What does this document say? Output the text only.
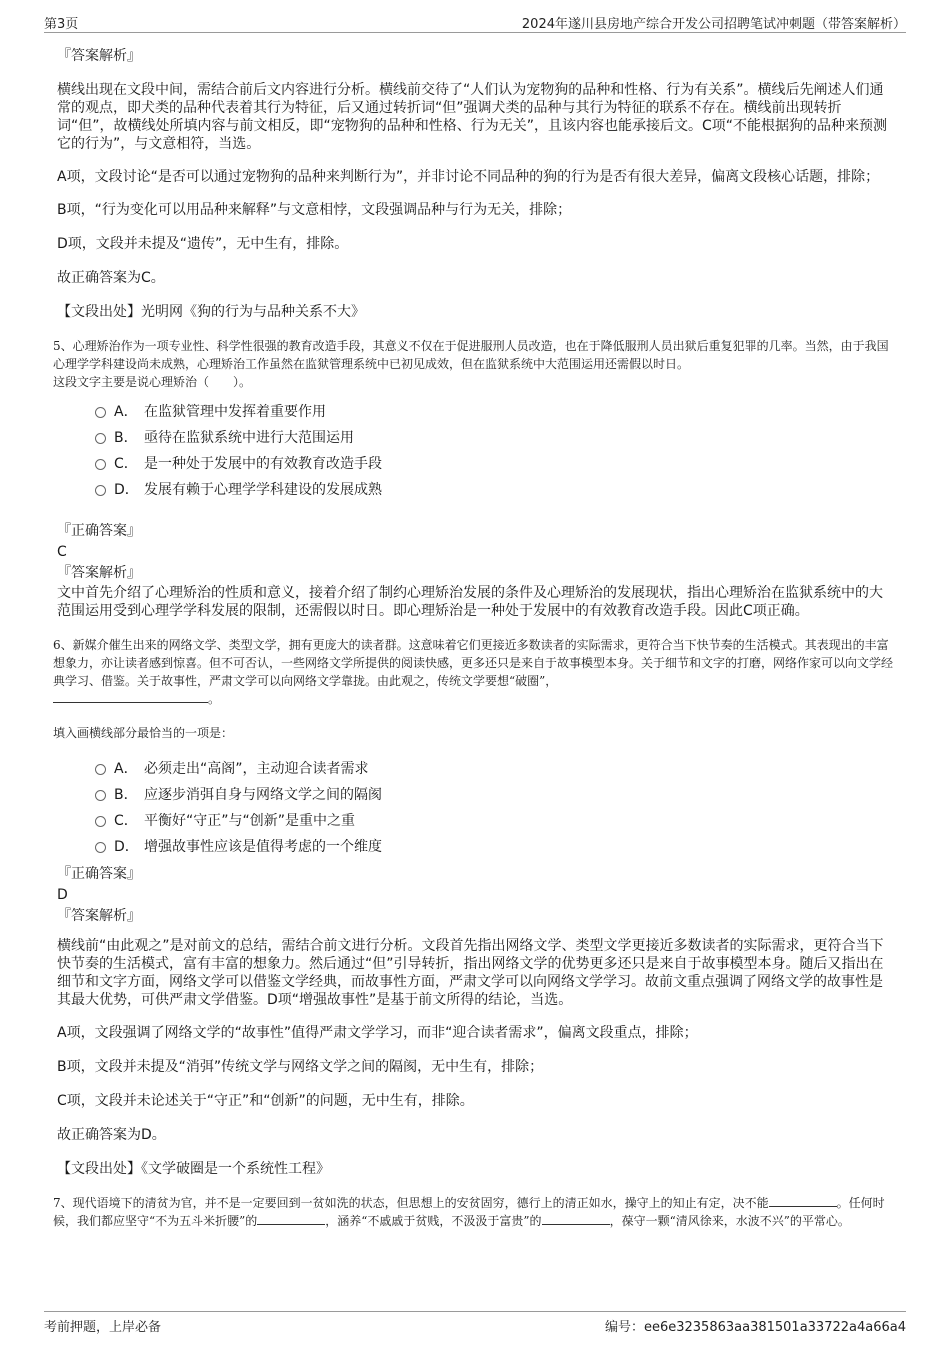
第3页	2024年遂川县房地产综合开发公司招聘笔试冲刺题（带答案解析）

『答案解析』

横线出现在文段中间，需结合前后文内容进行分析。横线前交待了“人们认为宠物狗的品种和性格、行为有关系”。横线后先阐述人们通常的观点，即犬类的品种代表着其行为特征，后又通过转折词“但”强调犬类的品种与其行为特征的联系不存在。横线前出现转折词“但”，故横线处所填内容与前文相反，即“宠物狗的品种和性格、行为无关”，且该内容也能承接后文。C项“不能根据狗的品种来预测它的行为”，与文意相符，当选。

A项，文段讨论“是否可以通过宠物狗的品种来判断行为”，并非讨论不同品种的狗的行为是否有很大差异，偏离文段核心话题，排除；

B项，“行为变化可以用品种来解释”与文意相悖，文段强调品种与行为无关，排除；

D项，文段并未提及“遗传”，无中生有，排除。

故正确答案为C。

【文段出处】光明网《狗的行为与品种关系不大》

5、心理矫治作为一项专业性、科学性很强的教育改造手段，其意义不仅在于促进服刑人员改造，也在于降低服刑人员出狱后重复犯罪的几率。当然，由于我国心理学学科建设尚未成熟，心理矫治工作虽然在监狱管理系统中已初见成效，但在监狱系统中大范围运用还需假以时日。

这段文字主要是说心理矫治（　　）。

A． 在监狱管理中发挥着重要作用
B． 亟待在监狱系统中进行大范围运用
C． 是一种处于发展中的有效教育改造手段
D． 发展有赖于心理学学科建设的发展成熟

『正确答案』

C

『答案解析』

文中首先介绍了心理矫治的性质和意义，接着介绍了制约心理矫治发展的条件及心理矫治的发展现状，指出心理矫治在监狱系统中的大范围运用受到心理学学科发展的限制，还需假以时日。即心理矫治是一种处于发展中的有效教育改造手段。因此C项正确。

6、新媒介催生出来的网络文学、类型文学，拥有更庞大的读者群。这意味着它们更接近多数读者的实际需求，更符合当下快节奏的生活模式。其表现出的丰富想象力，亦让读者感到惊喜。但不可否认，一些网络文学所提供的阅读快感，更多还只是来自于故事模型本身。关于细节和文字的打磨，网络作家可以向文学经典学习、借鉴。关于故事性，严肃文学可以向网络文学靠拢。由此观之，传统文学要想“破圈”，
。

填入画横线部分最恰当的一项是：

A． 必须走出“高阁”，主动迎合读者需求
B． 应逐步消弭自身与网络文学之间的隔阂
C． 平衡好“守正”与“创新”是重中之重
D． 增强故事性应该是值得考虑的一个维度

『正确答案』

D

『答案解析』

横线前“由此观之”是对前文的总结，需结合前文进行分析。文段首先指出网络文学、类型文学更接近多数读者的实际需求，更符合当下快节奏的生活模式，富有丰富的想象力。然后通过“但”引导转折，指出网络文学的优势更多还只是来自于故事模型本身。随后又指出在细节和文字方面，网络文学可以借鉴文学经典，而故事性方面，严肃文学可以向网络文学学习。故前文重点强调了网络文学的故事性是其最大优势，可供严肃文学借鉴。D项“增强故事性”是基于前文所得的结论，当选。

A项，文段强调了网络文学的“故事性”值得严肃文学学习，而非“迎合读者需求”，偏离文段重点，排除；

B项，文段并未提及“消弭”传统文学与网络文学之间的隔阂，无中生有，排除；

C项，文段并未论述关于“守正”和“创新”的问题，无中生有，排除。

故正确答案为D。

【文段出处】《文学破圈是一个系统性工程》

7、现代语境下的清贫为官，并不是一定要回到一贫如洗的状态，但思想上的安贫固穷，德行上的清正如水，操守上的知止有定，决不能	。任何时候，我们都应坚守“不为五斗米折腰”的	，涵养“不戚戚于贫贱，不汲汲于富贵”的	，葆守一颗“清风徐来，水波不兴”的平常心。

考前押题，上岸必备	编号：ee6e3235863aa381501a33722a4a66a4
